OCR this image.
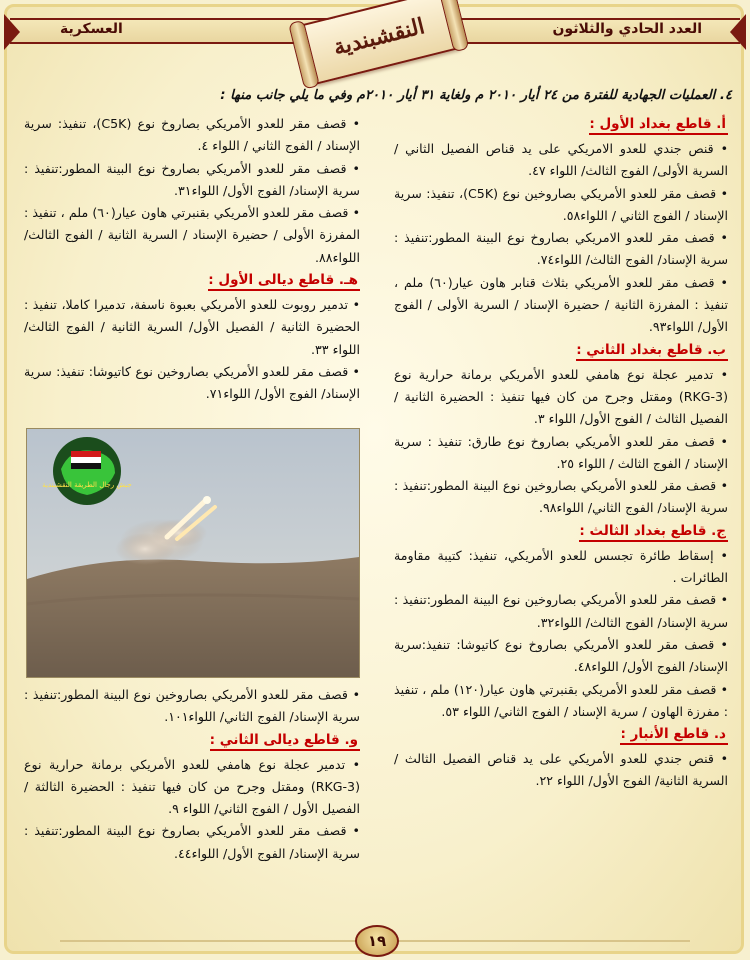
العسكرية	العدد الحادي والثلاثون
النقشبندية
٤. العمليات الجهادية للفترة من ٢٤ أيار ٢٠١٠ م ولغاية ٣١ أيار ٢٠١٠م وفي ما يلي جانب منها :
أ. قاطع بغداد الأول :

• قنص جندي للعدو الامريكي على يد قناص الفصيل الثاني / السرية الأولى/ الفوج الثالث/ اللواء ٤٧.

• قصف مقر للعدو الأمريكي بصاروخين نوع (C5K)، تنفيذ: سرية الإسناد / الفوج الثاني / اللواء٥٨.

• قصف مقر للعدو الامريكي بصاروخ نوع البينة المطور:تنفيذ : سرية الإسناد/ الفوج الثالث/ اللواء٧٤.

• قصف مقر للعدو الأمريكي بثلاث قنابر هاون عيار(٦٠) ملم ، تنفيذ : المفرزة الثانية / حضيرة الإسناد / السرية الأولى / الفوج الأول/ اللواء٩٣.

ب. قاطع بغداد الثاني :

• تدمير عجلة نوع هامفي للعدو الأمريكي برمانة حرارية نوع (RKG-3) ومقتل وجرح من كان فيها تنفيذ : الحضيرة الثانية / الفصيل الثالث / الفوج الأول/ اللواء ٣.

• قصف مقر للعدو الأمريكي بصاروخ نوع طارق: تنفيذ : سرية الإسناد / الفوج الثالث / اللواء ٢٥.

• قصف مقر للعدو الأمريكي بصاروخين نوع البينة المطور:تنفيذ : سرية الإسناد/ الفوج الثاني/ اللواء٩٨.

ج. قاطع بغداد الثالث :

• إسقاط طائرة تجسس للعدو الأمريكي، تنفيذ: كتيبة مقاومة الطائرات .

• قصف مقر للعدو الأمريكي بصاروخين نوع البينة المطور:تنفيذ : سرية الإسناد/ الفوج الثالث/ اللواء٣٢.

• قصف مقر للعدو الأمريكي بصاروخ نوع كاتيوشا: تنفيذ:سرية الإسناد/ الفوج الأول/ اللواء٤٨.

• قصف مقر للعدو الأمريكي بقنبرتي هاون عيار(١٢٠) ملم ، تنفيذ : مفرزة الهاون / سرية الإسناد / الفوج الثاني/ اللواء ٥٣.

د. قاطع الأنبار :

• قنص جندي للعدو الأمريكي على يد قناص الفصيل الثالث / السرية الثانية/ الفوج الأول/ اللواء ٢٢.

• قصف مقر للعدو الأمريكي بصاروخ نوع (C5K)، تنفيذ: سرية الإسناد / الفوج الثاني / اللواء ٤.

• قصف مقر للعدو الأمريكي بصاروخ نوع البينة المطور:تنفيذ : سرية الإسناد/ الفوج الأول/ اللواء٣١.

• قصف مقر للعدو الأمريكي بقنبرتي هاون عيار(٦٠) ملم ، تنفيذ : المفرزة الأولى / حضيرة الإسناد / السرية الثانية / الفوج الثالث/ اللواء٨٨.

هـ. قاطع ديالى الأول :

• تدمير روبوت للعدو الأمريكي بعبوة ناسفة، تدميرا كاملا، تنفيذ : الحضيرة الثانية / الفصيل الأول/ السرية الثانية / الفوج الثالث/ اللواء ٣٣.

• قصف مقر للعدو الأمريكي بصاروخين نوع كاتيوشا: تنفيذ: سرية الإسناد/ الفوج الأول/ اللواء٧١.

جيش رجال الطريقة النقشبندية

• قصف مقر للعدو الأمريكي بصاروخين نوع البينة المطور:تنفيذ : سرية الإسناد/ الفوج الثاني/ اللواء١٠١.

و. قاطع ديالى الثاني :

• تدمير عجلة نوع هامفي للعدو الأمريكي برمانة حرارية نوع (RKG-3) ومقتل وجرح من كان فيها تنفيذ : الحضيرة الثالثة / الفصيل الأول / الفوج الثاني/ اللواء ٩.

• قصف مقر للعدو الأمريكي بصاروخ نوع البينة المطور:تنفيذ : سرية الإسناد/ الفوج الأول/ اللواء٤٤.

١٩
